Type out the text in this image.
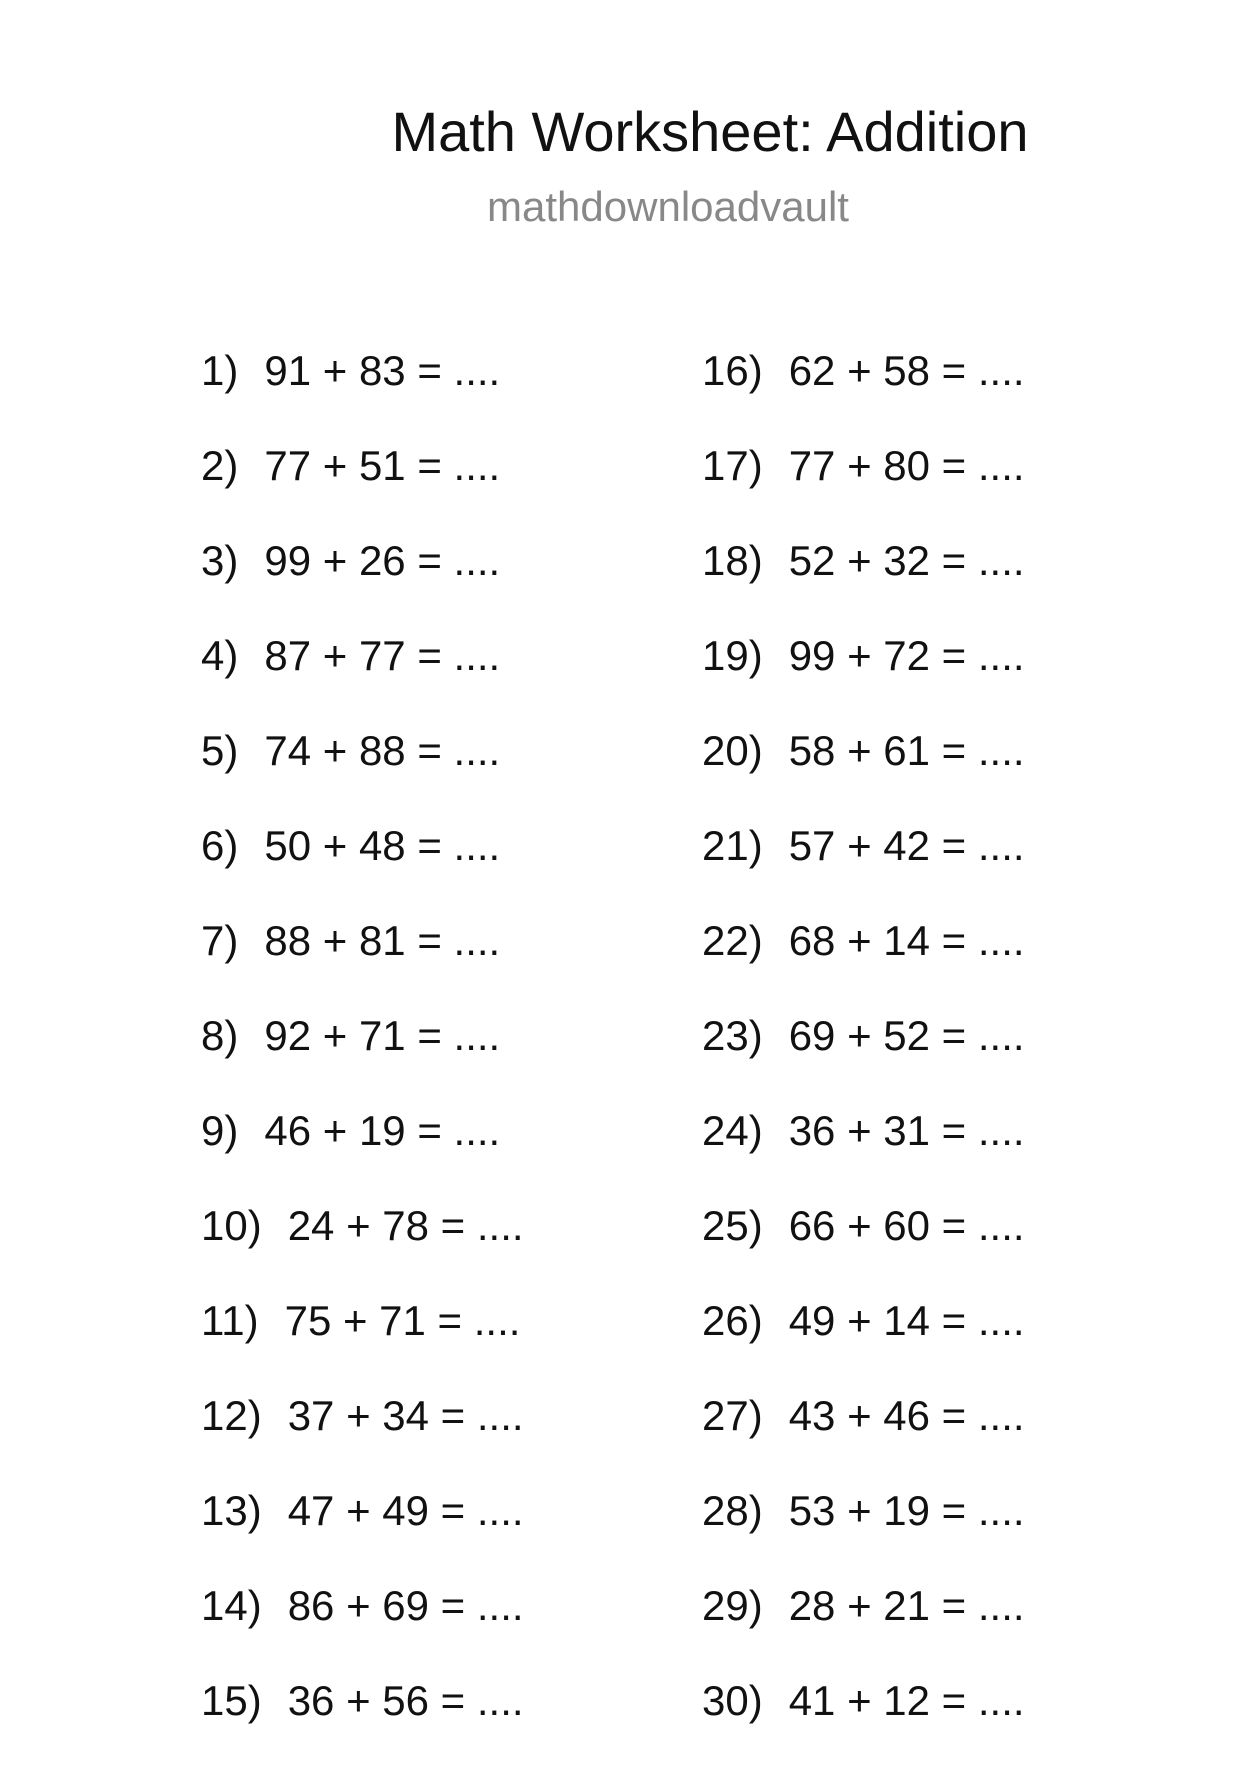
Math Worksheet: Addition
mathdownloadvault
1) 91 + 83 = ....
2) 77 + 51 = ....
3) 99 + 26 = ....
4) 87 + 77 = ....
5) 74 + 88 = ....
6) 50 + 48 = ....
7) 88 + 81 = ....
8) 92 + 71 = ....
9) 46 + 19 = ....
10) 24 + 78 = ....
11) 75 + 71 = ....
12) 37 + 34 = ....
13) 47 + 49 = ....
14) 86 + 69 = ....
15) 36 + 56 = ....
16) 62 + 58 = ....
17) 77 + 80 = ....
18) 52 + 32 = ....
19) 99 + 72 = ....
20) 58 + 61 = ....
21) 57 + 42 = ....
22) 68 + 14 = ....
23) 69 + 52 = ....
24) 36 + 31 = ....
25) 66 + 60 = ....
26) 49 + 14 = ....
27) 43 + 46 = ....
28) 53 + 19 = ....
29) 28 + 21 = ....
30) 41 + 12 = ....
